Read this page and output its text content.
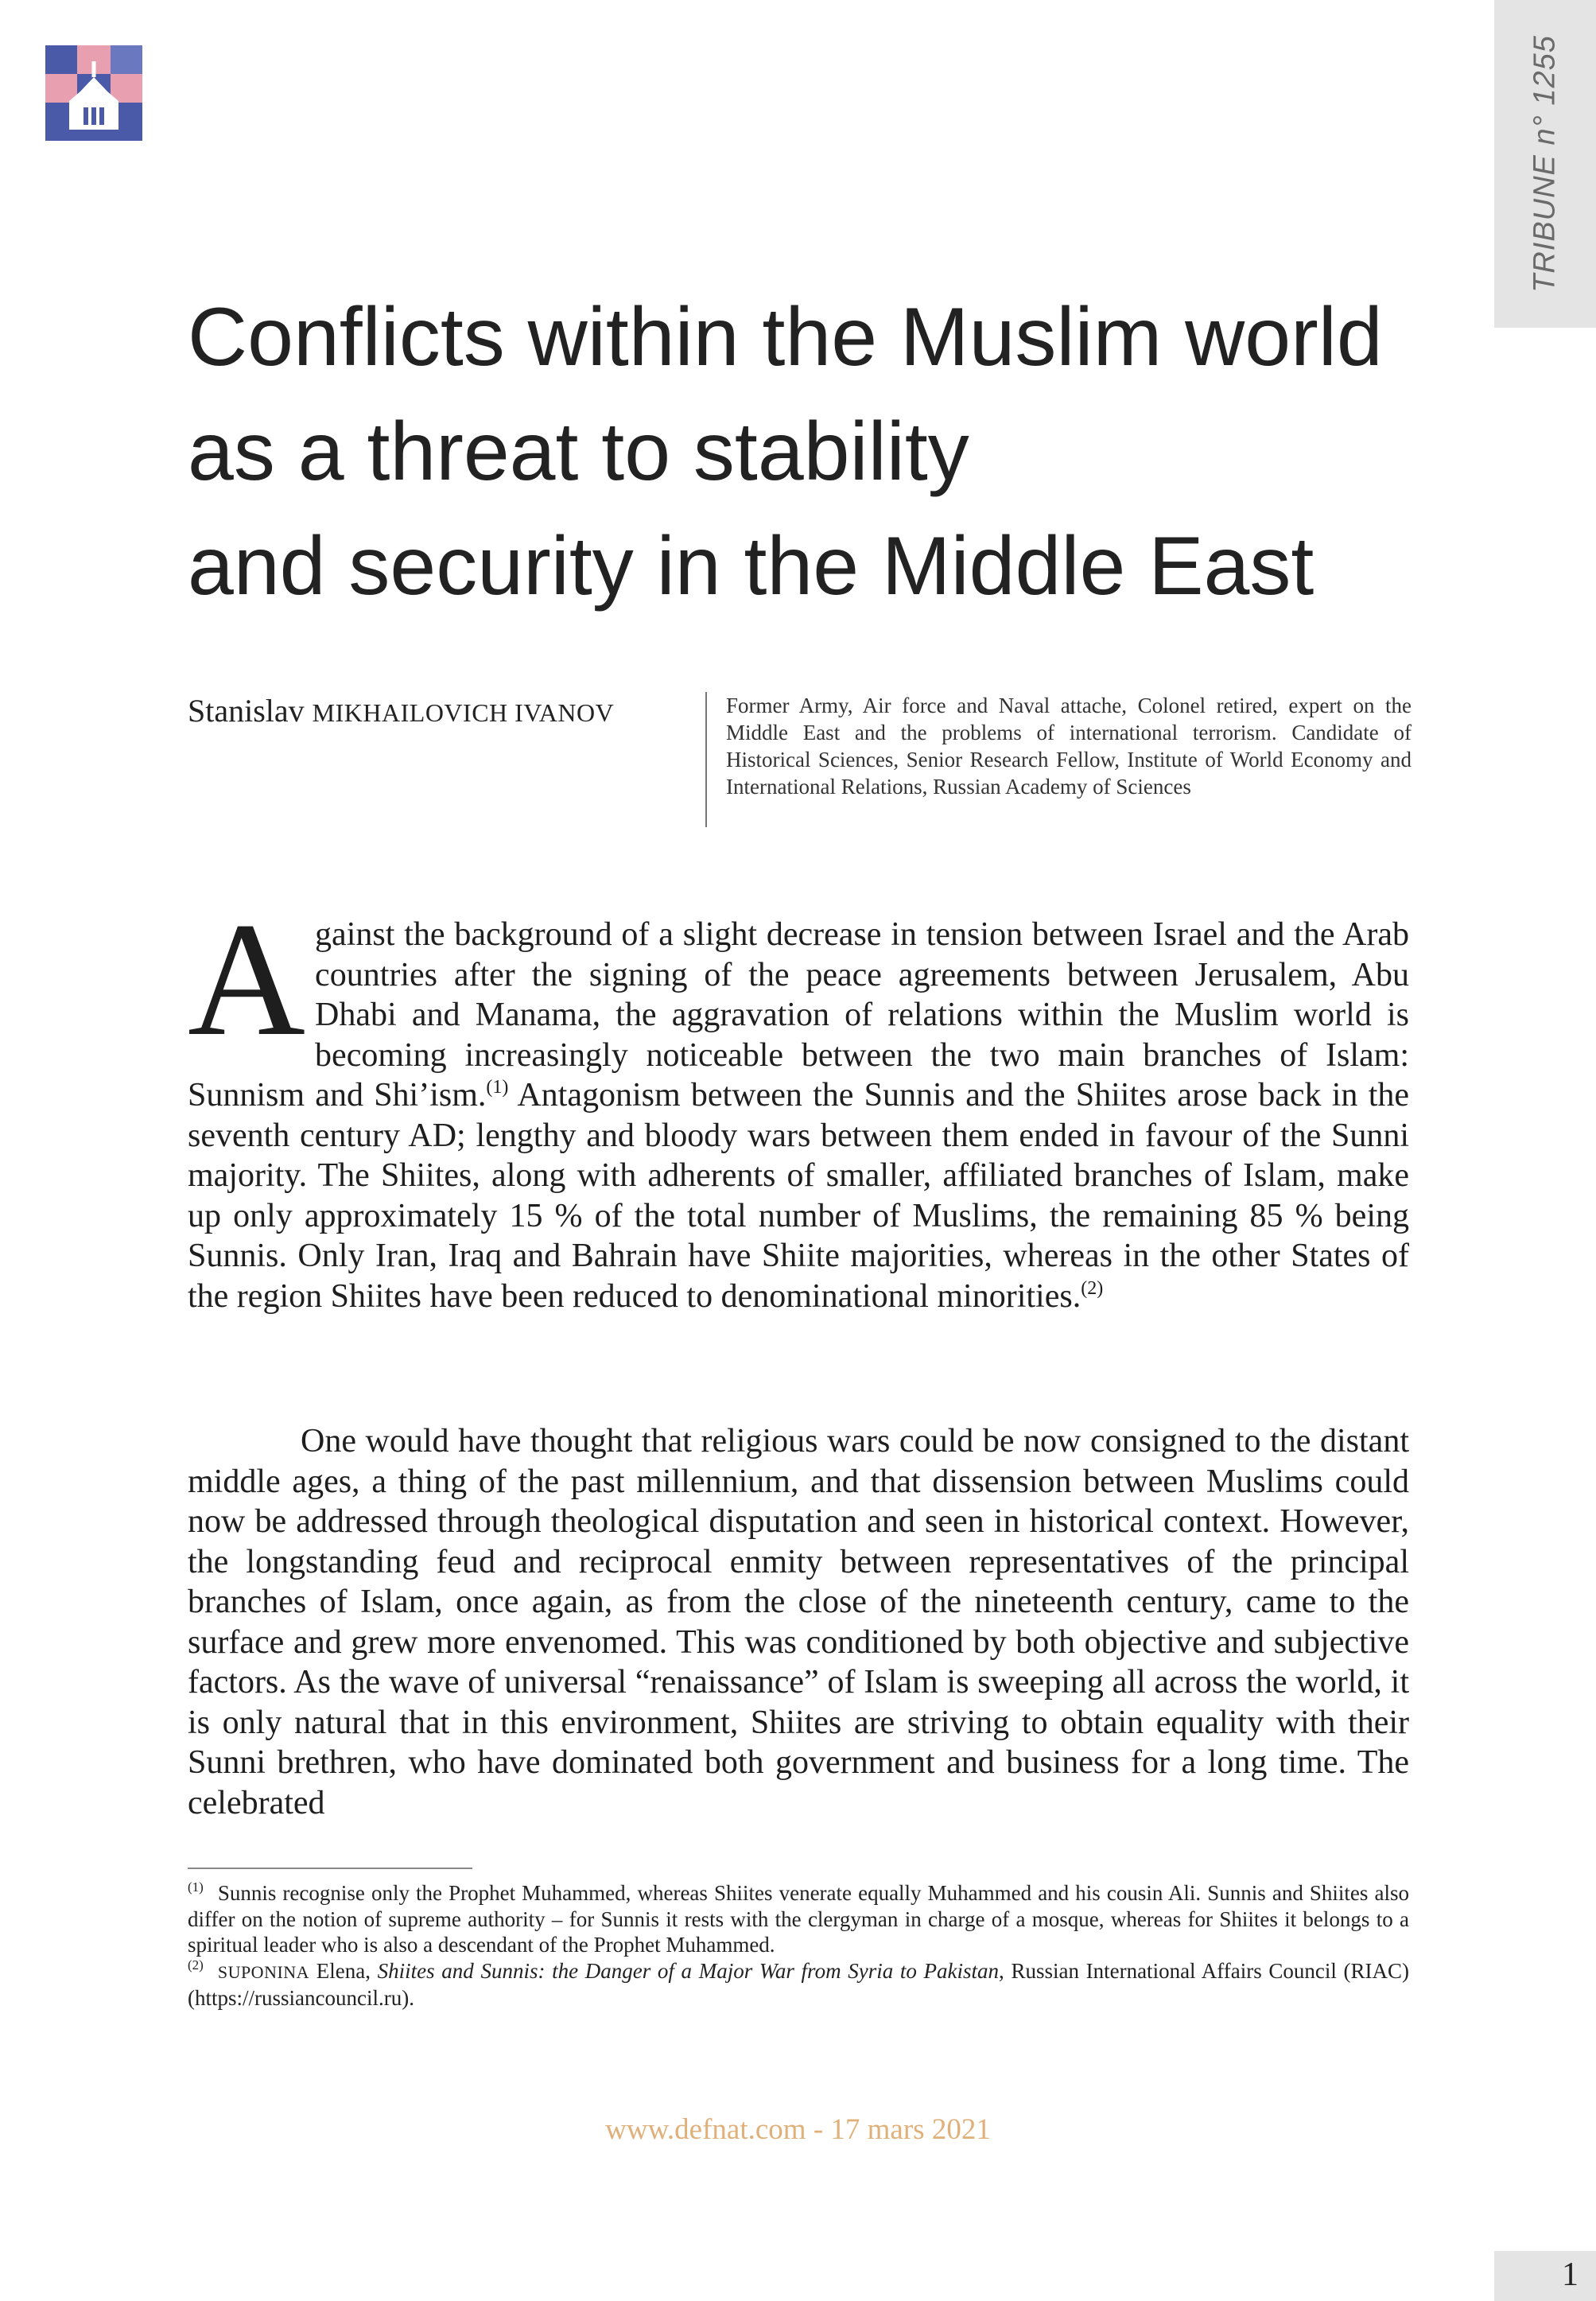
TRIBUNE n° 1255
Conflicts within the Muslim world
as a threat to stability
and security in the Middle East
Stanislav MIKHAILOVICH IVANOV	Former Army, Air force and Naval attache, Colonel retired, expert on the Middle East and the problems of international terrorism. Candidate of Historical Sciences, Senior Research Fellow, Institute of World Economy and International Relations, Russian Academy of Sciences

Against the background of a slight decrease in tension between Israel and the Arab countries after the signing of the peace agreements between Jerusalem, Abu Dhabi and Manama, the aggravation of relations within the Muslim world is becoming increasingly noticeable between the two main branches of Islam: Sunnism and Shi’ism.$^{(1)}$ Antagonism between the Sunnis and the Shiites arose back in the seventh century AD; lengthy and bloody wars between them ended in favour of the Sunni majority. The Shiites, along with adherents of smaller, affiliated branches of Islam, make up only approximately 15 % of the total number of Muslims, the remaining 85 % being Sunnis. Only Iran, Iraq and Bahrain have Shiite majorities, whereas in the other States of the region Shiites have been reduced to denominational minorities.$^{(2)}$

One would have thought that religious wars could be now consigned to the distant middle ages, a thing of the past millennium, and that dissension between Muslims could now be addressed through theological disputation and seen in historical context. However, the longstanding feud and reciprocal enmity between representatives of the principal branches of Islam, once again, as from the close of the nineteenth century, came to the surface and grew more envenomed. This was conditioned by both objective and subjective factors. As the wave of universal “renaissance” of Islam is sweeping all across the world, it is only natural that in this environment, Shiites are striving to obtain equality with their Sunni brethren, who have dominated both government and business for a long time. The celebrated

$^{(1)}$ Sunnis recognise only the Prophet Muhammed, whereas Shiites venerate equally Muhammed and his cousin Ali. Sunnis and Shiites also differ on the notion of supreme authority – for Sunnis it rests with the clergyman in charge of a mosque, whereas for Shiites it belongs to a spiritual leader who is also a descendant of the Prophet Muhammed.

$^{(2)}$ SUPONINA Elena, Shiites and Sunnis: the Danger of a Major War from Syria to Pakistan, Russian International Affairs Council (RIAC) (https://russiancouncil.ru).

www.defnat.com - 17 mars 2021
1
